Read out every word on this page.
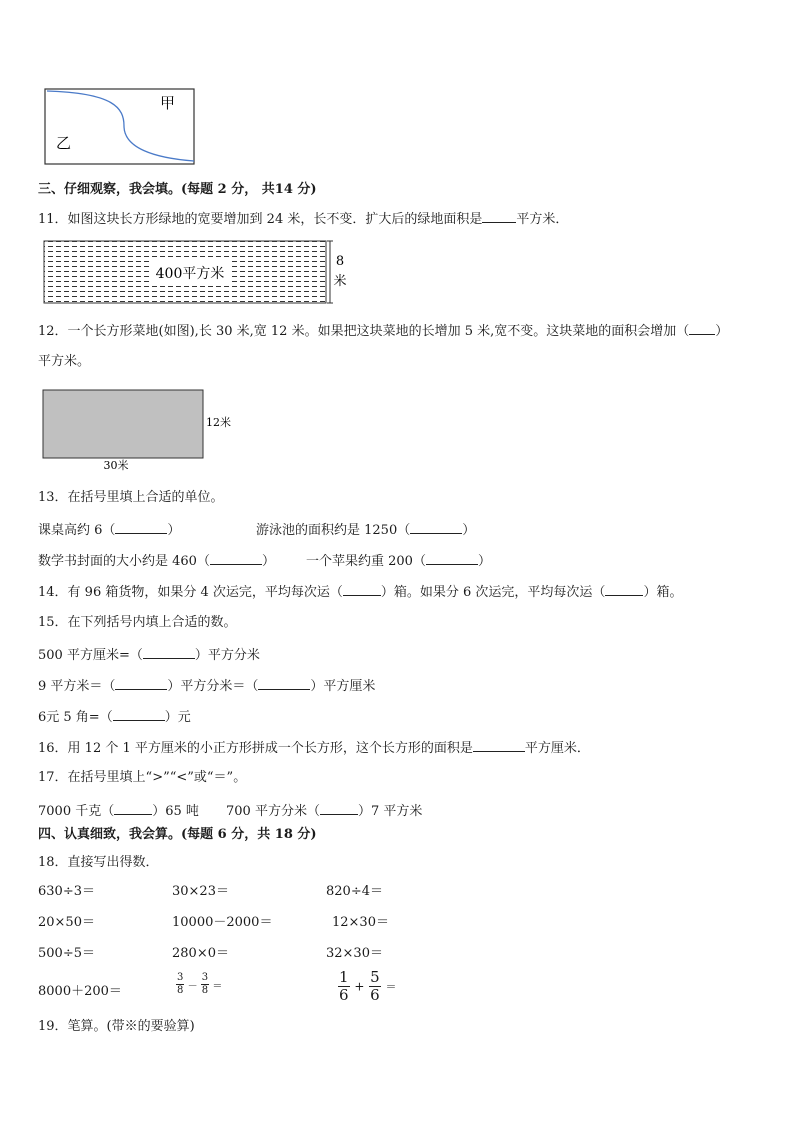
甲
乙
三、仔细观察，我会填。(每题 2 分， 共14 分)
11．如图这块长方形绿地的宽要增加到 24 米，长不变．扩大后的绿地面积是	平方米．
400平方米
8
米
12．一个长方形菜地(如图),长 30 米,宽 12 米。如果把这块菜地的长增加 5 米,宽不变。这块菜地的面积会增加（ ）
平方米。
12米
30米
13．在括号里填上合适的单位。
课桌高约 6（	）	游泳池的面积约是 1250（	）
数学书封面的大小约是 460（	） 一个苹果约重 200（	）
14．有 96 箱货物，如果分 4 次运完，平均每次运（	）箱。如果分 6 次运完，平均每次运（	）箱。
15．在下列括号内填上合适的数。
500 平方厘米=（	）平方分米
9 平方米＝（	）平方分米＝（	）平方厘米
6元 5 角=（	）元
16．用 12 个 1 平方厘米的小正方形拼成一个长方形，这个长方形的面积是	平方厘米．
17．在括号里填上“>”“<”或“＝”。
7000 千克（	）65 吨 700 平方分米（	）7 平方米
四、认真细致，我会算。(每题 6 分，共 18 分)
18．直接写出得数．
630÷3＝	30×23＝	820÷4＝
20×50＝	10000－2000＝	12×30＝
500÷5＝	280×0＝	32×30＝
8000＋200＝	$\frac{3}{8} - \frac{3}{8}$ ＝	$\frac{1}{6} + \frac{5}{6}$ ＝
19．笔算。(带※的要验算)
